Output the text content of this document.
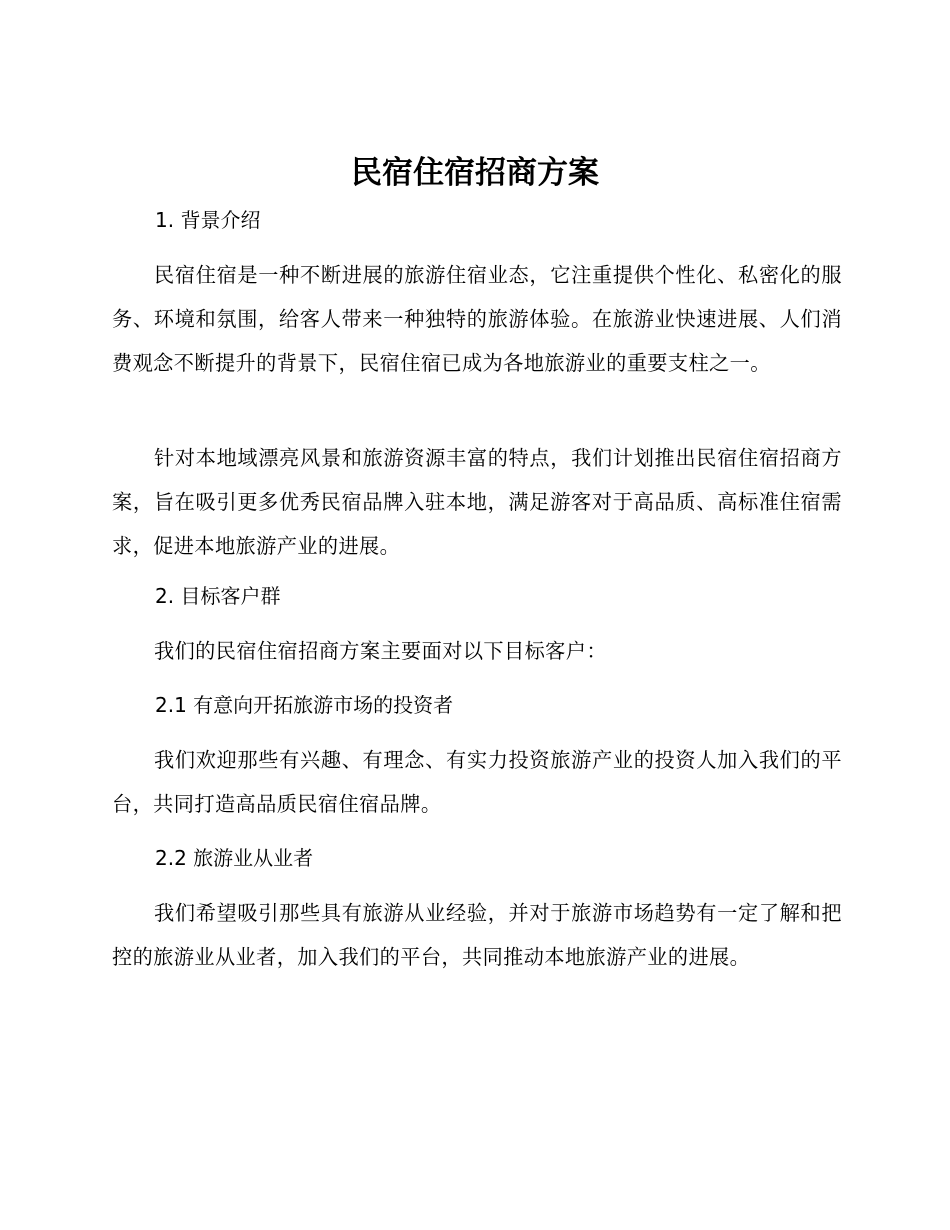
民宿住宿招商方案
1. 背景介绍

民宿住宿是一种不断进展的旅游住宿业态，它注重提供个性化、私密化的服务、环境和氛围，给客人带来一种独特的旅游体验。在旅游业快速进展、人们消费观念不断提升的背景下，民宿住宿已成为各地旅游业的重要支柱之一。

针对本地域漂亮风景和旅游资源丰富的特点，我们计划推出民宿住宿招商方案，旨在吸引更多优秀民宿品牌入驻本地，满足游客对于高品质、高标准住宿需求，促进本地旅游产业的进展。

2. 目标客户群

我们的民宿住宿招商方案主要面对以下目标客户：

2.1 有意向开拓旅游市场的投资者

我们欢迎那些有兴趣、有理念、有实力投资旅游产业的投资人加入我们的平台，共同打造高品质民宿住宿品牌。

2.2 旅游业从业者

我们希望吸引那些具有旅游从业经验，并对于旅游市场趋势有一定了解和把控的旅游业从业者，加入我们的平台，共同推动本地旅游产业的进展。
